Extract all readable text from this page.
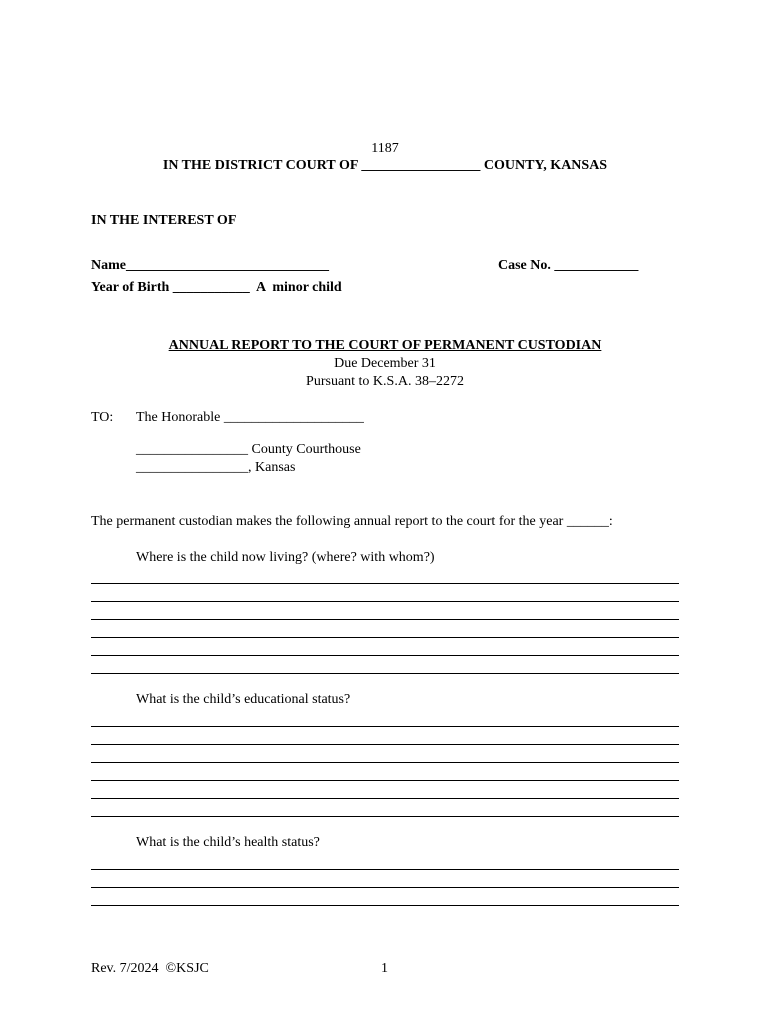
1187
IN THE DISTRICT COURT OF _________________ COUNTY, KANSAS
IN THE INTEREST OF
Name_____________________________	Case No. ____________
Year of Birth ___________  A  minor child
ANNUAL REPORT TO THE COURT OF PERMANENT CUSTODIAN
Due December 31
Pursuant to K.S.A. 38–2272
TO: The Honorable ____________________
________________ County Courthouse
________________, Kansas
The permanent custodian makes the following annual report to the court for the year ______:
Where is the child now living? (where? with whom?)
What is the child’s educational status?
What is the child’s health status?
Rev. 7/2024  ©KSJC	1
